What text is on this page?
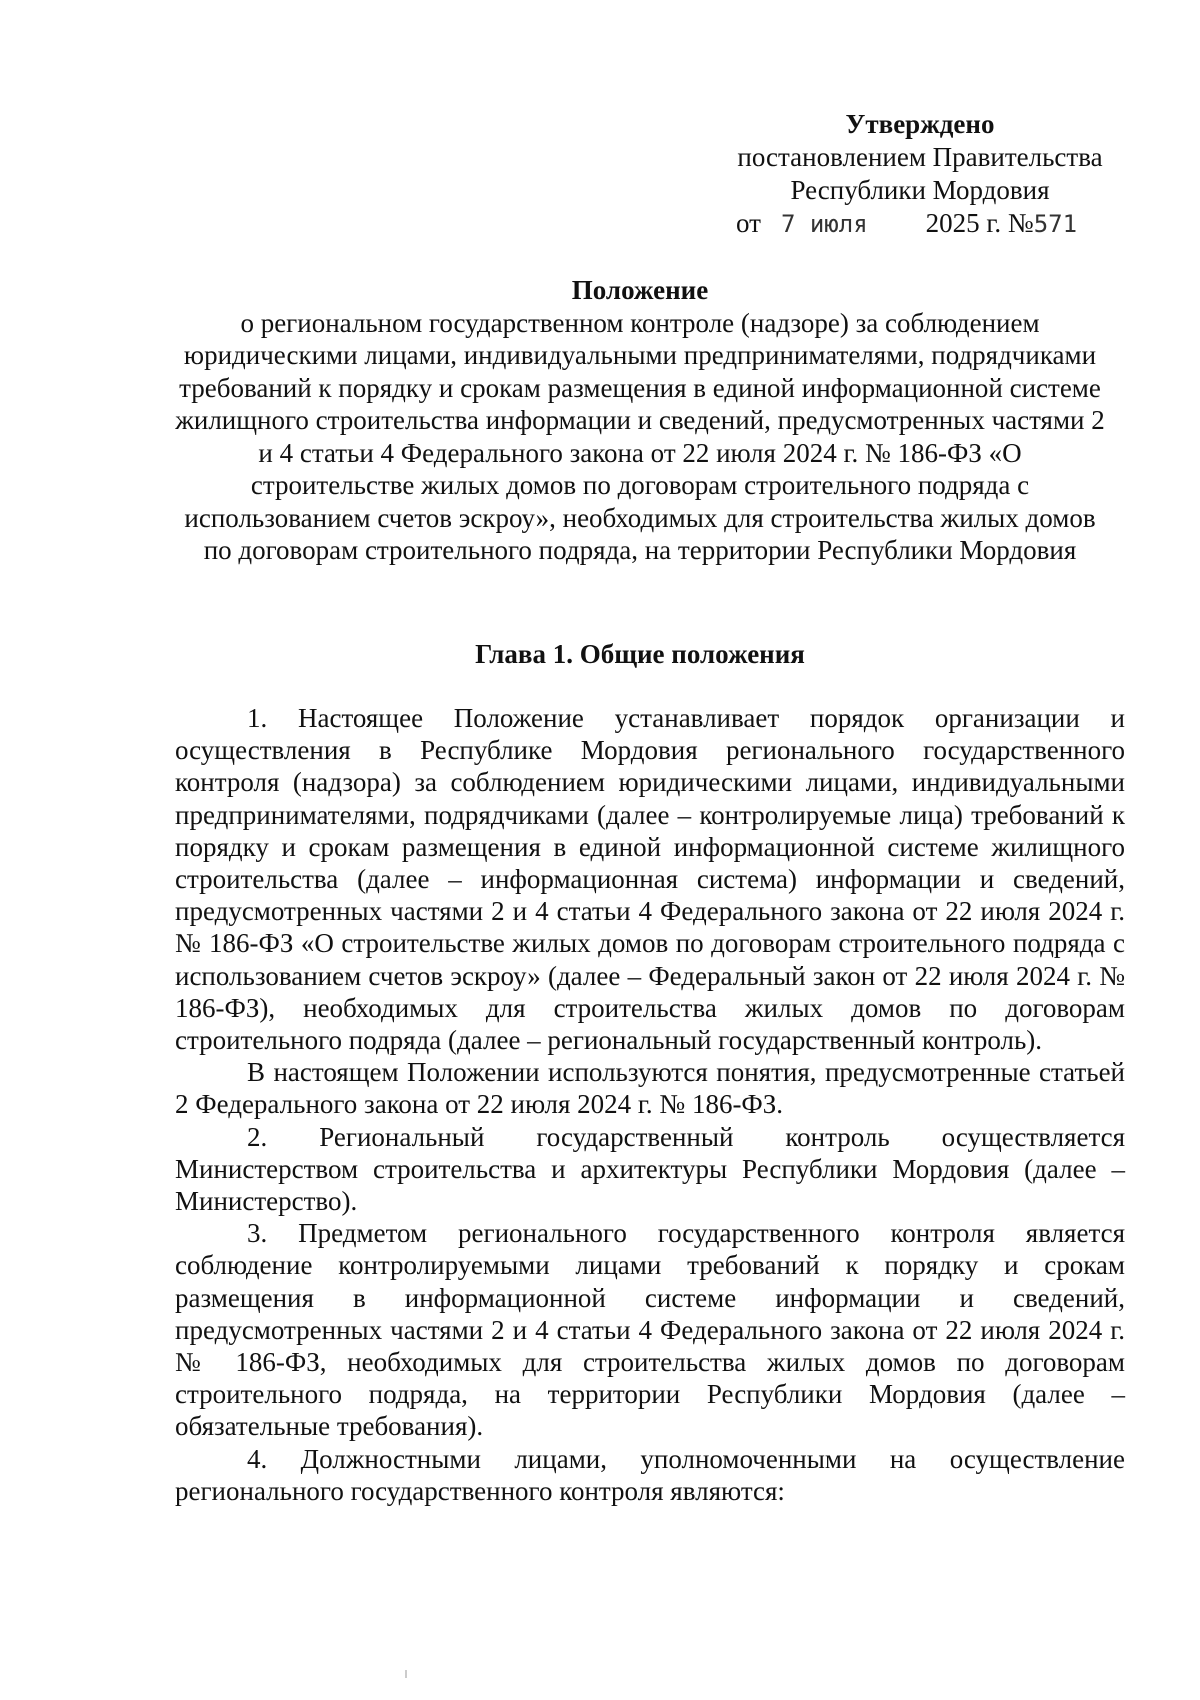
Утверждено
постановлением Правительства
Республики Мордовия
от 7 июля 2025 г. №571
Положение
о региональном государственном контроле (надзоре) за соблюдением юридическими лицами, индивидуальными предпринимателями, подрядчиками требований к порядку и срокам размещения в единой информационной системе жилищного строительства информации и сведений, предусмотренных частями 2 и 4 статьи 4 Федерального закона от 22 июля 2024 г. № 186-ФЗ «О строительстве жилых домов по договорам строительного подряда с использованием счетов эскроу», необходимых для строительства жилых домов по договорам строительного подряда, на территории Республики Мордовия
Глава 1. Общие положения

1. Настоящее Положение устанавливает порядок организации и осуществления в Республике Мордовия регионального государственного контроля (надзора) за соблюдением юридическими лицами, индивидуальными предпринимателями, подрядчиками (далее – контролируемые лица) требований к порядку и срокам размещения в единой информационной системе жилищного строительства (далее – информационная система) информации и сведений, предусмотренных частями 2 и 4 статьи 4 Федерального закона от 22 июля 2024 г. № 186-ФЗ «О строительстве жилых домов по договорам строительного подряда с использованием счетов эскроу» (далее – Федеральный закон от 22 июля 2024 г. № 186-ФЗ), необходимых для строительства жилых домов по договорам строительного подряда (далее – региональный государственный контроль).

В настоящем Положении используются понятия, предусмотренные статьей 2 Федерального закона от 22 июля 2024 г. № 186-ФЗ.

2. Региональный государственный контроль осуществляется Министерством строительства и архитектуры Республики Мордовия (далее – Министерство).

3. Предметом регионального государственного контроля является соблюдение контролируемыми лицами требований к порядку и срокам размещения в информационной системе информации и сведений, предусмотренных частями 2 и 4 статьи 4 Федерального закона от 22 июля 2024 г. № 186-ФЗ, необходимых для строительства жилых домов по договорам строительного подряда, на территории Республики Мордовия (далее – обязательные требования).

4. Должностными лицами, уполномоченными на осуществление регионального государственного контроля являются:
